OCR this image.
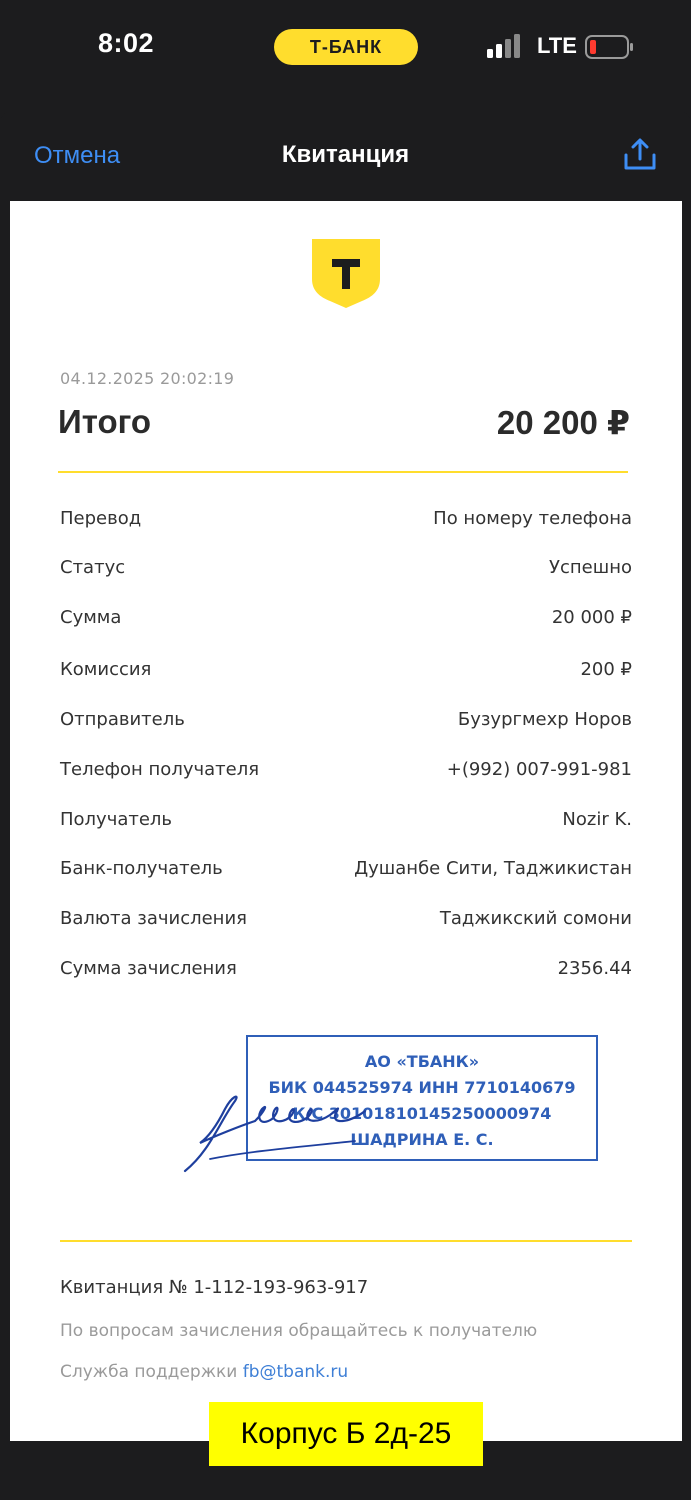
8:02	Т-БАНК	LTE
Отмена	Квитанция
04.12.2025 20:02:19
Итого	20 200 ₽
Перевод	По номеру телефона
Статус	Успешно
Сумма	20 000 ₽
Комиссия	200 ₽
Отправитель	Бузургмехр Норов
Телефон получателя	+(992) 007-991-981
Получатель	Nozir K.
Банк-получатель	Душанбе Сити, Таджикистан
Валюта зачисления	Таджикский сомони
Сумма зачисления	2356.44
АО «ТБАНК»
БИК 044525974 ИНН 7710140679
К/С 30101810145250000974
ШАДРИНА Е. С.
Квитанция № 1-112-193-963-917
По вопросам зачисления обращайтесь к получателю
Служба поддержки fb@tbank.ru
Корпус Б 2д-25
